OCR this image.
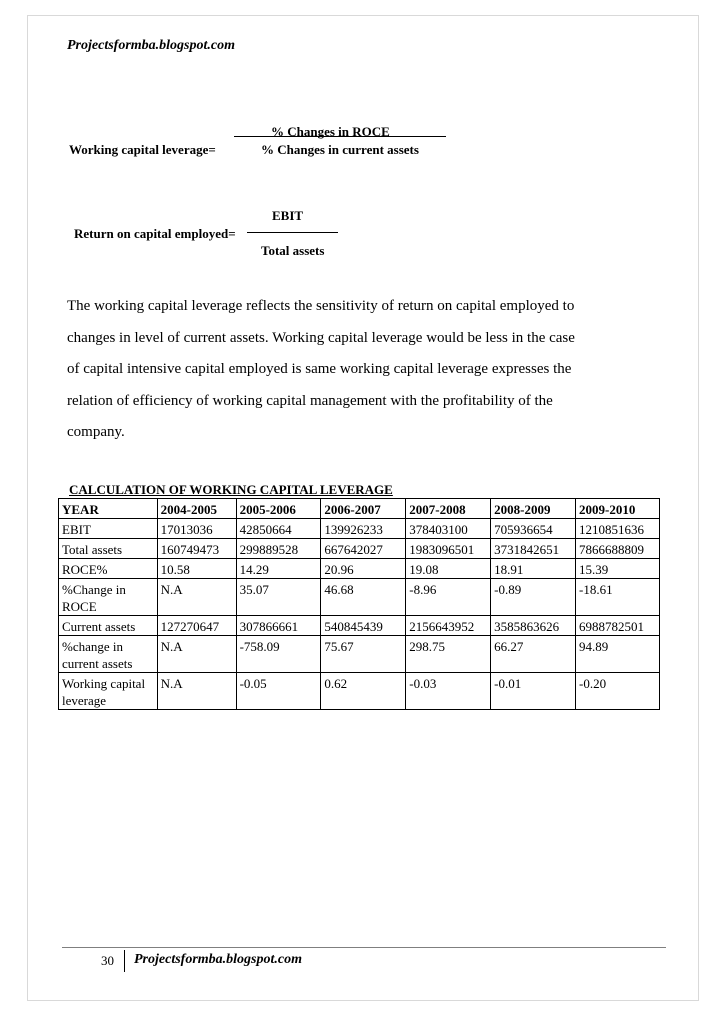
Projectsformba.blogspot.com
% Changes in ROCE
Working capital leverage=	% Changes in current assets
EBIT
Return on capital employed=
Total assets
The working capital leverage reflects the sensitivity of return on capital employed to
changes in level of current assets. Working capital leverage would be less in the case
of capital intensive capital employed is same working capital leverage expresses the
relation of efficiency of working capital management with the profitability of the
company.
CALCULATION OF WORKING CAPITAL LEVERAGE
YEAR	2004-2005	2005-2006	2006-2007	2007-2008	2008-2009	2009-2010
EBIT	17013036	42850664	139926233	378403100	705936654	1210851636
Total assets	160749473	299889528	667642027	1983096501	3731842651	7866688809
ROCE%	10.58	14.29	20.96	19.08	18.91	15.39
%Change in ROCE	N.A	35.07	46.68	-8.96	-0.89	-18.61
Current assets	127270647	307866661	540845439	2156643952	3585863626	6988782501
%change in current assets	N.A	-758.09	75.67	298.75	66.27	94.89
Working capital leverage	N.A	-0.05	0.62	-0.03	-0.01	-0.20
30 Projectsformba.blogspot.com
